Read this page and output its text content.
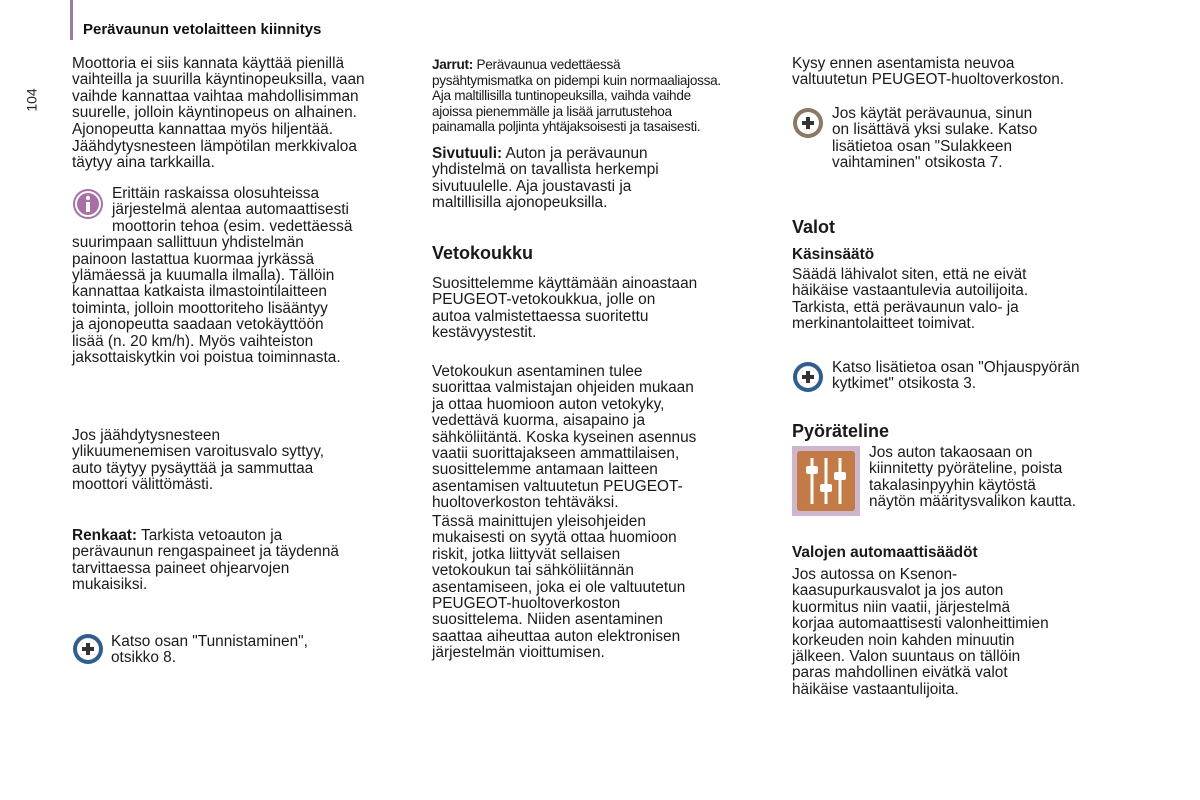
104
Perävaunun vetolaitteen kiinnitys

Moottoria ei siis kannata käyttää pienillä

vaihteilla ja suurilla käyntinopeuksilla, vaan

vaihde kannattaa vaihtaa mahdollisimman

suurelle, jolloin käyntinopeus on alhainen.

Ajonopeutta kannattaa myös hiljentää.

Jäähdytysnesteen lämpötilan merkkivaloa

täytyy aina tarkkailla.

Erittäin raskaissa olosuhteissa

järjestelmä alentaa automaattisesti

moottorin tehoa (esim. vedettäessä

suurimpaan sallittuun yhdistelmän

painoon lastattua kuormaa jyrkässä

ylämäessä ja kuumalla ilmalla). Tällöin

kannattaa katkaista ilmastointilaitteen

toiminta, jolloin moottoriteho lisääntyy

ja ajonopeutta saadaan vetokäyttöön

lisää (n. 20 km/h). Myös vaihteiston

jaksottaiskytkin voi poistua toiminnasta.

Jos jäähdytysnesteen

ylikuumenemisen varoitusvalo syttyy,

auto täytyy pysäyttää ja sammuttaa

moottori välittömästi.

Renkaat: Tarkista vetoauton ja

perävaunun rengaspaineet ja täydennä

tarvittaessa paineet ohjearvojen

mukaisiksi.

Katso osan "Tunnistaminen",

otsikko 8.

Jarrut: Perävaunua vedettäessä

pysähtymismatka on pidempi kuin normaaliajossa.

Aja maltillisilla tuntinopeuksilla, vaihda vaihde

ajoissa pienemmälle ja lisää jarrutustehoa

painamalla poljinta yhtäjaksoisesti ja tasaisesti.

Sivutuuli: Auton ja perävaunun

yhdistelmä on tavallista herkempi

sivutuulelle. Aja joustavasti ja

maltillisilla ajonopeuksilla.

Vetokoukku

Suosittelemme käyttämään ainoastaan

PEUGEOT-vetokoukkua, jolle on

autoa valmistettaessa suoritettu

kestävyystestit.

Vetokoukun asentaminen tulee

suorittaa valmistajan ohjeiden mukaan

ja ottaa huomioon auton vetokyky,

vedettävä kuorma, aisapaino ja

sähköliitäntä. Koska kyseinen asennus

vaatii suorittajakseen ammattilaisen,

suosittelemme antamaan laitteen

asentamisen valtuutetun PEUGEOT-

huoltoverkoston tehtäväksi.

Tässä mainittujen yleisohjeiden

mukaisesti on syytä ottaa huomioon

riskit, jotka liittyvät sellaisen

vetokoukun tai sähköliitännän

asentamiseen, joka ei ole valtuutetun

PEUGEOT-huoltoverkoston

suosittelema. Niiden asentaminen

saattaa aiheuttaa auton elektronisen

järjestelmän vioittumisen.

Kysy ennen asentamista neuvoa

valtuutetun PEUGEOT-huoltoverkoston.

Jos käytät perävaunua, sinun

on lisättävä yksi sulake. Katso

lisätietoa osan "Sulakkeen

vaihtaminen" otsikosta 7.

Valot
Käsinsäätö

Säädä lähivalot siten, että ne eivät

häikäise vastaantulevia autoilijoita.

Tarkista, että perävaunun valo- ja

merkinantolaitteet toimivat.

Katso lisätietoa osan "Ohjauspyörän

kytkimet" otsikosta 3.

Pyöräteline

Jos auton takaosaan on

kiinnitetty pyöräteline, poista

takalasinpyyhin käytöstä

näytön määritysvalikon kautta.

Valojen automaattisäädöt

Jos autossa on Ksenon-

kaasupurkausvalot ja jos auton

kuormitus niin vaatii, järjestelmä

korjaa automaattisesti valonheittimien

korkeuden noin kahden minuutin

jälkeen. Valon suuntaus on tällöin

paras mahdollinen eivätkä valot

häikäise vastaantulijoita.
